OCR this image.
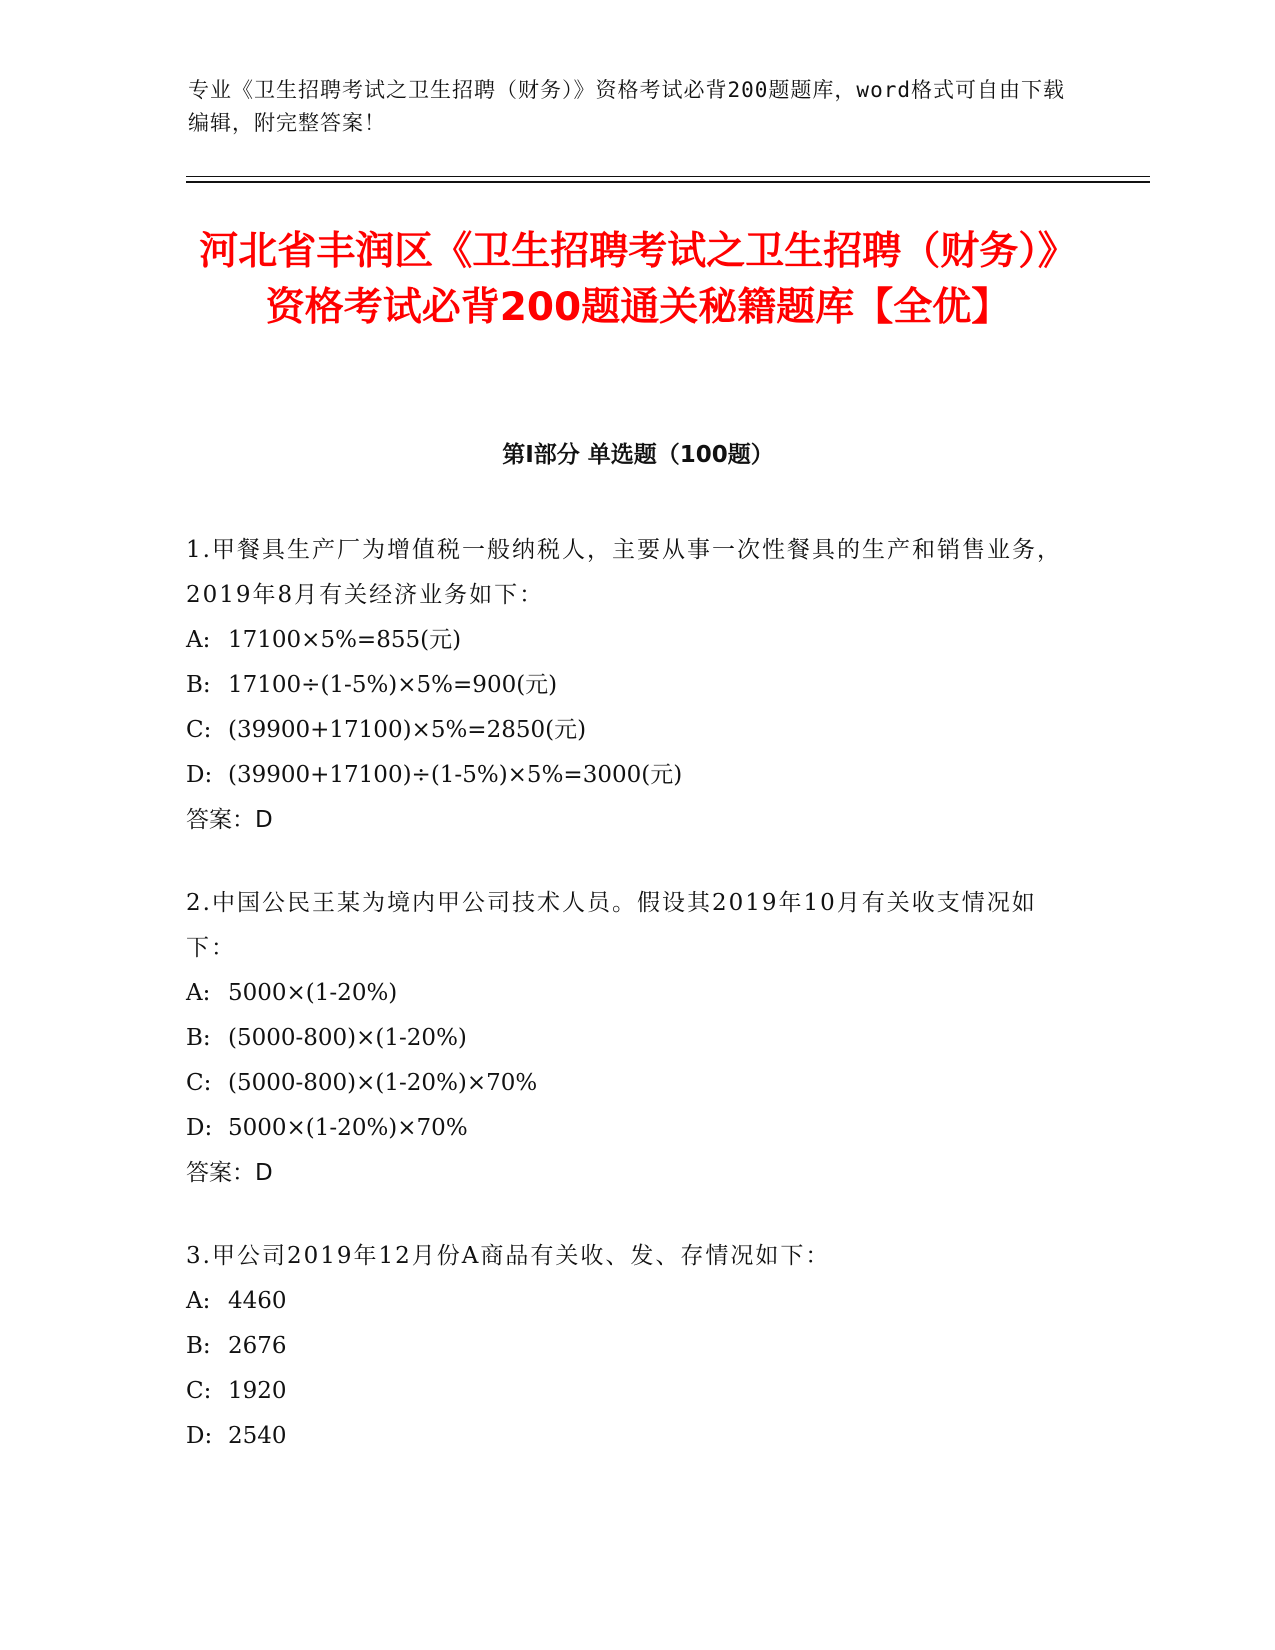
专业《卫生招聘考试之卫生招聘（财务）》资格考试必背200题题库，word格式可自由下载编辑，附完整答案！
河北省丰润区《卫生招聘考试之卫生招聘（财务）》资格考试必背200题通关秘籍题库【全优】
第Ⅰ部分 单选题（100题）
1.甲餐具生产厂为增值税一般纳税人，主要从事一次性餐具的生产和销售业务，2019年8月有关经济业务如下：
A: 17100×5%=855(元)
B: 17100÷(1-5%)×5%=900(元)
C: (39900+17100)×5%=2850(元)
D: (39900+17100)÷(1-5%)×5%=3000(元)
答案：D
2.中国公民王某为境内甲公司技术人员。假设其2019年10月有关收支情况如下：
A: 5000×(1-20%)
B: (5000-800)×(1-20%)
C: (5000-800)×(1-20%)×70%
D: 5000×(1-20%)×70%
答案：D
3.甲公司2019年12月份A商品有关收、发、存情况如下：
A: 4460
B: 2676
C: 1920
D: 2540
